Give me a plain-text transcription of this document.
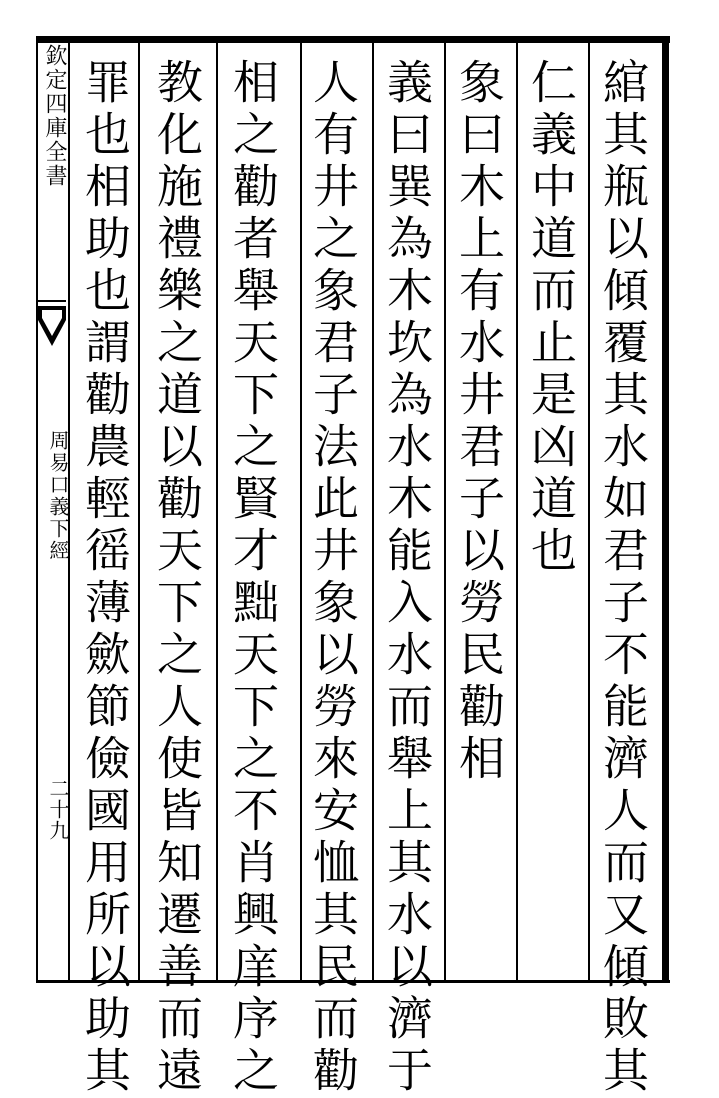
欽定四庫全書
周易口義下經
二十九	綰其瓶以傾覆其水如君子不能濟人而又傾敗其
仁義中道而止是凶道也
象曰木上有水井君子以勞民勸相
義曰巽為木坎為水木能入水而舉上其水以濟于
人有井之象君子法此井象以勞來安恤其民而勸
相之勸者舉天下之賢才黜天下之不肖興庠序之
教化施禮樂之道以勸天下之人使皆知遷善而遠
罪也相助也謂勸農輕徭薄歛節儉國用所以助其
